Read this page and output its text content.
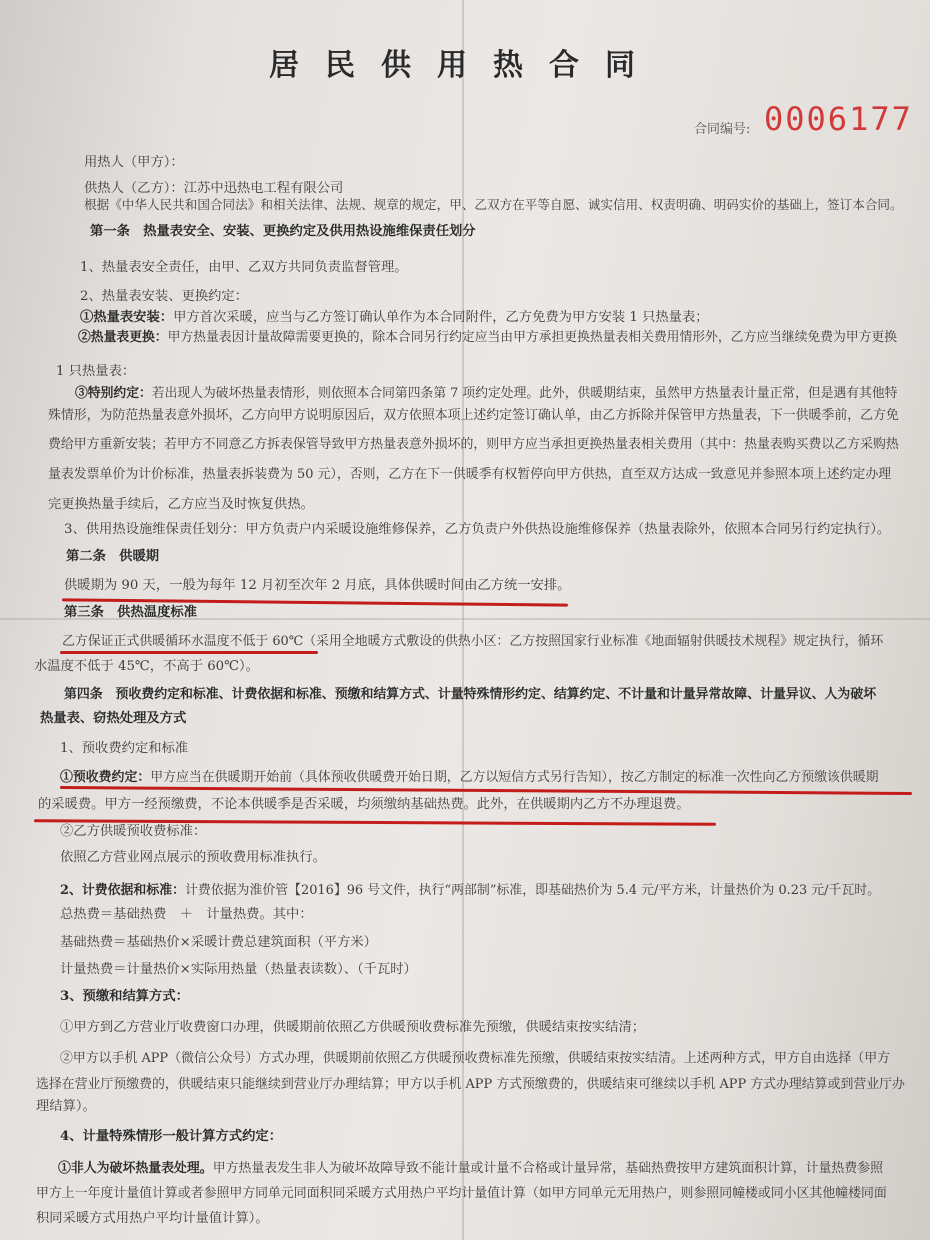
居民供用热合同
合同编号: 0006177
用热人（甲方）：
供热人（乙方）：江苏中迅热电工程有限公司
根据《中华人民共和国合同法》和相关法律、法规、规章的规定，甲、乙双方在平等自愿、诚实信用、权责明确、明码实价的基础上，签订本合同。
第一条　热量表安全、安装、更换约定及供用热设施维保责任划分
1、热量表安全责任，由甲、乙双方共同负责监督管理。
2、热量表安装、更换约定：
①热量表安装：甲方首次采暖，应当与乙方签订确认单作为本合同附件，乙方免费为甲方安装 1 只热量表；
②热量表更换：甲方热量表因计量故障需要更换的，除本合同另行约定应当由甲方承担更换热量表相关费用情形外，乙方应当继续免费为甲方更换
1 只热量表：
③特别约定：若出现人为破坏热量表情形，则依照本合同第四条第 7 项约定处理。此外，供暖期结束，虽然甲方热量表计量正常，但是遇有其他特
殊情形，为防范热量表意外损坏，乙方向甲方说明原因后，双方依照本项上述约定签订确认单，由乙方拆除并保管甲方热量表，下一供暖季前，乙方免
费给甲方重新安装；若甲方不同意乙方拆表保管导致甲方热量表意外损坏的，则甲方应当承担更换热量表相关费用（其中：热量表购买费以乙方采购热
量表发票单价为计价标准，热量表拆装费为 50 元），否则，乙方在下一供暖季有权暂停向甲方供热，直至双方达成一致意见并参照本项上述约定办理
完更换热量手续后，乙方应当及时恢复供热。
3、供用热设施维保责任划分：甲方负责户内采暖设施维修保养，乙方负责户外供热设施维修保养（热量表除外，依照本合同另行约定执行）。
第二条　供暖期
供暖期为 90 天，一般为每年 12 月初至次年 2 月底，具体供暖时间由乙方统一安排。
第三条　供热温度标准
乙方保证正式供暖循环水温度不低于 60℃（采用全地暖方式敷设的供热小区：乙方按照国家行业标准《地面辐射供暖技术规程》规定执行，循环
水温度不低于 45℃，不高于 60℃）。
第四条　预收费约定和标准、计费依据和标准、预缴和结算方式、计量特殊情形约定、结算约定、不计量和计量异常故障、计量异议、人为破坏
热量表、窃热处理及方式
1、预收费约定和标准
①预收费约定：甲方应当在供暖期开始前（具体预收供暖费开始日期，乙方以短信方式另行告知），按乙方制定的标准一次性向乙方预缴该供暖期
的采暖费。甲方一经预缴费，不论本供暖季是否采暖，均须缴纳基础热费。此外，在供暖期内乙方不办理退费。
②乙方供暖预收费标准：
依照乙方营业网点展示的预收费用标准执行。
2、计费依据和标准：计费依据为淮价管【2016】96 号文件，执行“两部制”标准，即基础热价为 5.4 元/平方米，计量热价为 0.23 元/千瓦时。
总热费＝基础热费　＋　计量热费。其中：
基础热费＝基础热价×采暖计费总建筑面积（平方米）
计量热费＝计量热价×实际用热量（热量表读数）、（千瓦时）
3、预缴和结算方式：
①甲方到乙方营业厅收费窗口办理，供暖期前依照乙方供暖预收费标准先预缴，供暖结束按实结清；
②甲方以手机 APP（微信公众号）方式办理，供暖期前依照乙方供暖预收费标准先预缴，供暖结束按实结清。上述两种方式，甲方自由选择（甲方
选择在营业厅预缴费的，供暖结束只能继续到营业厅办理结算；甲方以手机 APP 方式预缴费的，供暖结束可继续以手机 APP 方式办理结算或到营业厅办
理结算）。
4、计量特殊情形一般计算方式约定：
①非人为破坏热量表处理。甲方热量表发生非人为破坏故障导致不能计量或计量不合格或计量异常，基础热费按甲方建筑面积计算，计量热费参照
甲方上一年度计量值计算或者参照甲方同单元同面积同采暖方式用热户平均计量值计算（如甲方同单元无用热户，则参照同幢楼或同小区其他幢楼同面
积同采暖方式用热户平均计量值计算）。
